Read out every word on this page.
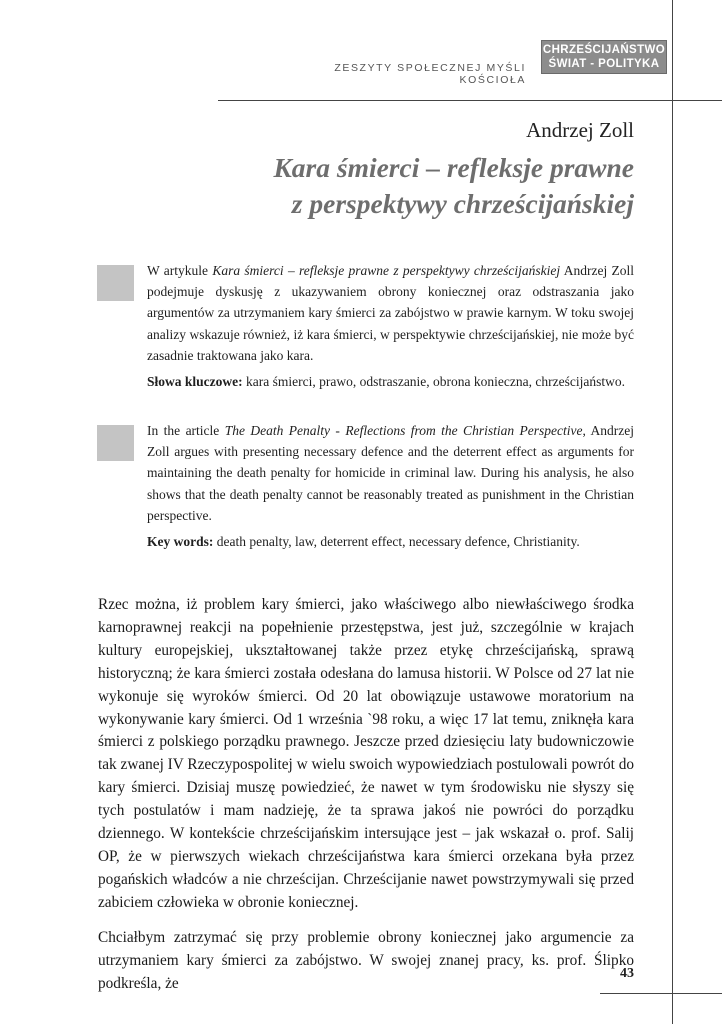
ZESZYTY SPOŁECZNEJ MYŚLI KOŚCIOŁA
CHRZEŚCIJAŃSTWO
ŚWIAT - POLITYKA
Andrzej Zoll
Kara śmierci – refleksje prawne
z perspektywy chrześcijańskiej

W artykule Kara śmierci – refleksje prawne z perspektywy chrześcijańskiej Andrzej Zoll podejmuje dyskusję z ukazywaniem obrony koniecznej oraz odstraszania jako argumentów za utrzymaniem kary śmierci za zabójstwo w prawie karnym. W toku swojej analizy wskazuje również, iż kara śmierci, w perspektywie chrześcijańskiej, nie może być zasadnie traktowana jako kara.

Słowa kluczowe: kara śmierci, prawo, odstraszanie, obrona konieczna, chrześcijaństwo.

In the article The Death Penalty - Reflections from the Christian Perspective, Andrzej Zoll argues with presenting necessary defence and the deterrent effect as arguments for maintaining the death penalty for homicide in criminal law. During his analysis, he also shows that the death penalty cannot be reasonably treated as punishment in the Christian perspective.

Key words: death penalty, law, deterrent effect, necessary defence, Christianity.

Rzec można, iż problem kary śmierci, jako właściwego albo niewłaściwego środka karnoprawnej reakcji na popełnienie przestępstwa, jest już, szczególnie w krajach kultury europejskiej, ukształtowanej także przez etykę chrześcijańską, sprawą historyczną; że kara śmierci została odesłana do lamusa historii. W Polsce od 27 lat nie wykonuje się wyroków śmierci. Od 20 lat obowiązuje ustawowe moratorium na wykonywanie kary śmierci. Od 1 września `98 roku, a więc 17 lat temu, zniknęła kara śmierci z polskiego porządku prawnego. Jeszcze przed dziesięciu laty budowniczowie tak zwanej IV Rzeczypospolitej w wielu swoich wypowiedziach postulowali powrót do kary śmierci. Dzisiaj muszę powiedzieć, że nawet w tym środowisku nie słyszy się tych postulatów i mam nadzieję, że ta sprawa jakoś nie powróci do porządku dziennego. W kontekście chrześcijańskim intersujące jest – jak wskazał o. prof. Salij OP, że w pierwszych wiekach chrześcijaństwa kara śmierci orzekana była przez pogańskich władców a nie chrześcijan. Chrześcijanie nawet powstrzymywali się przed zabiciem człowieka w obronie koniecznej.

Chciałbym zatrzymać się przy problemie obrony koniecznej jako argumencie za utrzymaniem kary śmierci za zabójstwo. W swojej znanej pracy, ks. prof. Ślipko podkreśla, że

43
